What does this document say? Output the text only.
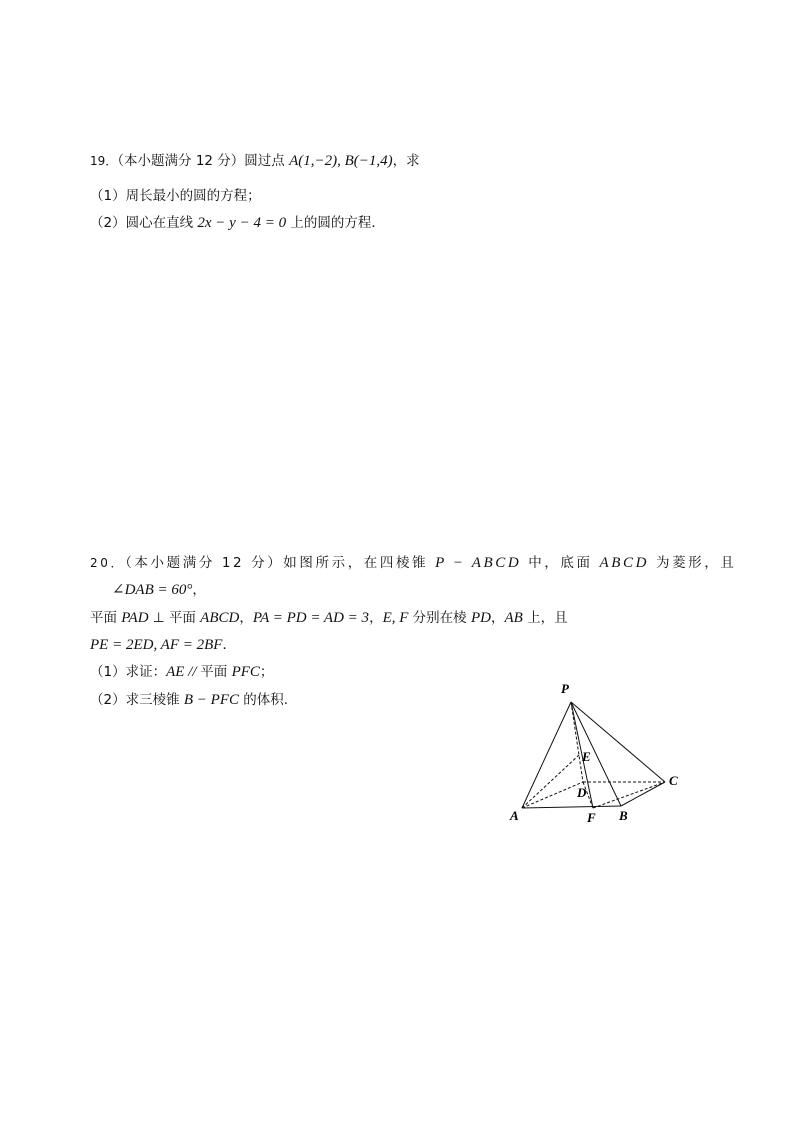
19．（本小题满分 12 分）圆过点 A(1,−2), B(−1,4)，求
（1）周长最小的圆的方程；
（2）圆心在直线 2x − y − 4 = 0 上的圆的方程．
20．（本小题满分 12 分）如图所示，在四棱锥 P − ABCD 中，底面 ABCD 为菱形，且
∠DAB = 60°，
平面 PAD ⊥ 平面 ABCD，PA = PD = AD = 3，E, F 分别在棱 PD，AB 上，且
PE = 2ED, AF = 2BF．
（1）求证：AE // 平面 PFC；
（2）求三棱锥 B − PFC 的体积.
P
E
D
C
A	F B
